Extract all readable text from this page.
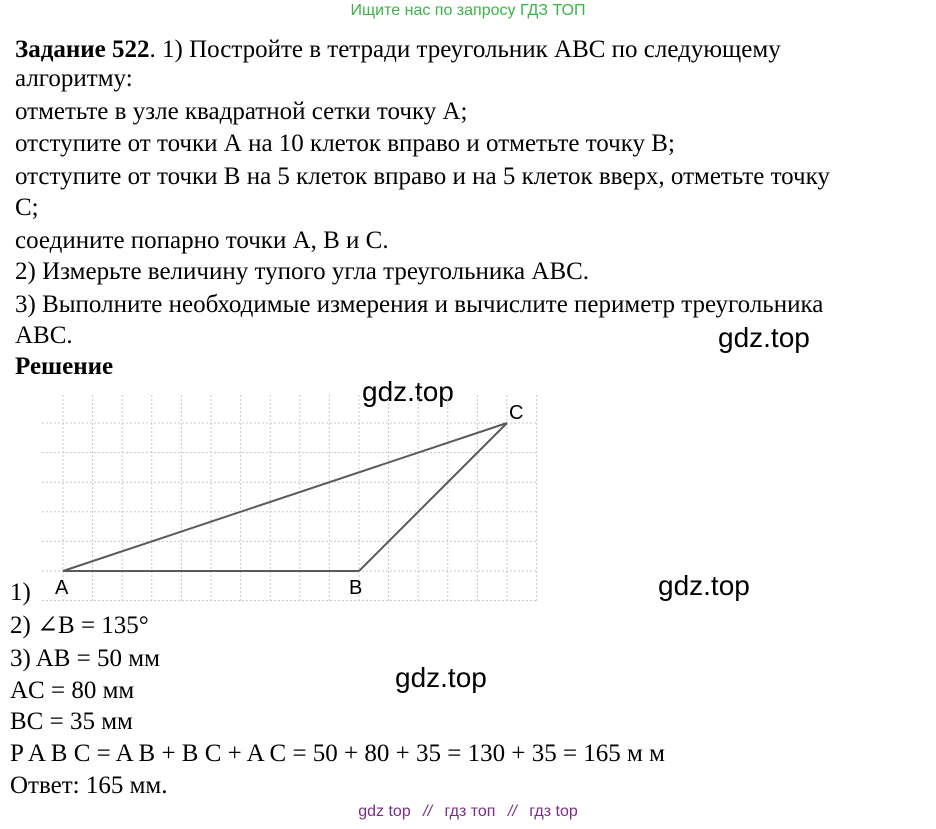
Ищите нас по запросу ГДЗ ТОП
Задание 522. 1) Постройте в тетради треугольник АВС по следующему
алгоритму:
отметьте в узле квадратной сетки точку А;
отступите от точки А на 10 клеток вправо и отметьте точку В;
отступите от точки В на 5 клеток вправо и на 5 клеток вверх, отметьте точку
С;
соедините попарно точки А, В и С.
2) Измерьте величину тупого угла треугольника АВС.
3) Выполните необходимые измерения и вычислите периметр треугольника
АВС.	gdz.top
Решение
gdz.top
A	B
C
gdz.top
1)
2) ∠B = 135°
3) AB = 50 мм
gdz.top
AC = 80 мм
BC = 35 мм
P A B C = A B + B C + A C = 50 + 80 + 35 = 130 + 35 = 165 м м
Ответ: 165 мм.
gdz top // гдз топ // гдз top
